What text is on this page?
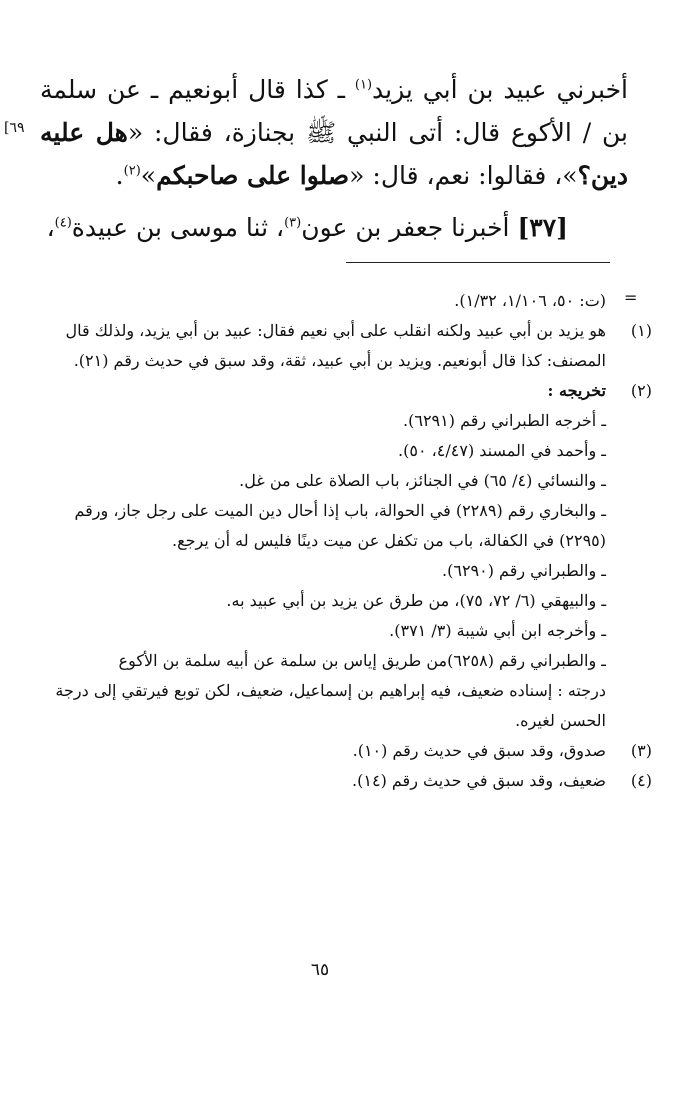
أخبرني عبيد بن أبي يزيد$^{(١)}$ ـ كذا قال أبونعيم ـ عن سلمة بن / الأكوع قال: أتى النبي ﷺ بجنازة، فقال: «هل عليه دين؟»، فقالوا: نعم، قال: «صلوا على صاحبكم»$^{(٢)}$.

٦٩]
[٣٧] أخبرنا جعفر بن عون$^{(٣)}$، ثنا موسى بن عبيدة$^{(٤)}$،
=

(ت: ٥٠، ١/١٠٦، ١/٣٢).

(١)

هو يزيد بن أبي عبيد ولكنه انقلب على أبي نعيم فقال: عبيد بن أبي يزيد، ولذلك قال المصنف: كذا قال أبونعيم. ويزيد بن أبي عبيد، ثقة، وقد سبق في حديث رقم (٢١).

(٢)

تخريجه :

ـ أخرجه الطبراني رقم (٦٢٩١).

ـ وأحمد في المسند (٤/٤٧، ٥٠).

ـ والنسائي (٤/ ٦٥) في الجنائز، باب الصلاة على من غل.

ـ والبخاري رقم (٢٢٨٩) في الحوالة، باب إذا أحال دين الميت على رجل جاز، ورقم (٢٢٩٥) في الكفالة، باب من تكفل عن ميت دينًا فليس له أن يرجع.

ـ والطبراني رقم (٦٢٩٠).

ـ والبيهقي (٦/ ٧٢، ٧٥)، من طرق عن يزيد بن أبي عبيد به.

ـ وأخرجه ابن أبي شيبة (٣/ ٣٧١).

ـ والطبراني رقم (٦٢٥٨)من طريق إياس بن سلمة عن أبيه سلمة بن الأكوع

درجته : إسناده ضعيف، فيه إبراهيم بن إسماعيل، ضعيف، لكن توبع فيرتقي إلى درجة الحسن لغيره.

(٣)

صدوق، وقد سبق في حديث رقم (١٠).

(٤)

ضعيف، وقد سبق في حديث رقم (١٤).

٦٥
